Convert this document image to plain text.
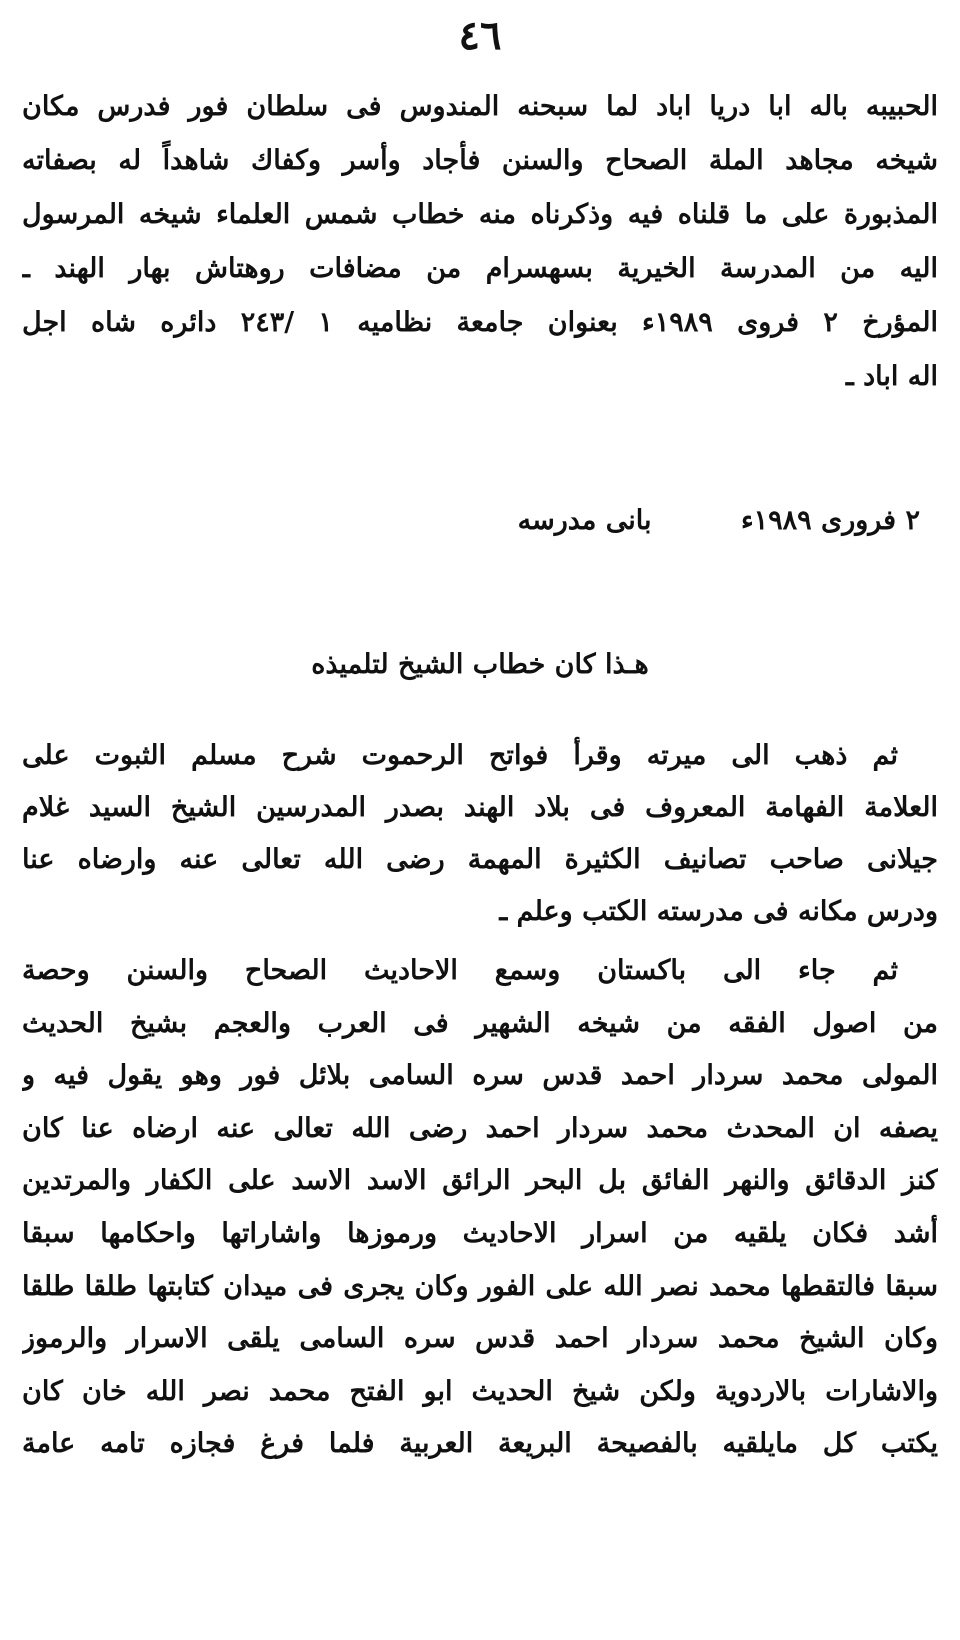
٤٦
الحبيبه باله ابا دريا اباد لما سبحنه المندوس فى سلطان فور فدرس مكان
شيخه مجاهد الملة الصحاح والسنن فأجاد وأسر وكفاك شاهداً له بصفاته
المذبورة على ما قلناه فيه وذكرناه منه خطاب شمس العلماء شيخه المرسول
اليه من المدرسة الخيرية بسهسرام من مضافات روهتاش بهار الهند ـ
المؤرخ ٢ فروى ١٩٨٩ء بعنوان جامعة نظاميه ١ /٢٤٣ دائره شاه اجل
اله اباد ـ
٢ فروری ١٩٨٩ء بانی مدرسه
هـذا كان خطاب الشيخ لتلميذه
ثم ذهب الى ميرته وقرأ فواتح الرحموت شرح مسلم الثبوت على
العلامة الفهامة المعروف فى بلاد الهند بصدر المدرسين الشيخ السيد غلام
جيلانى صاحب تصانيف الكثيرة المهمة رضى الله تعالى عنه وارضاه عنا
ودرس مكانه فى مدرسته الكتب وعلم ـ
ثم جاء الى باكستان وسمع الاحاديث الصحاح والسنن وحصة
من اصول الفقه من شيخه الشهير فى العرب والعجم بشيخ الحديث
المولى محمد سردار احمد قدس سره السامى بلائل فور وهو يقول فيه و
يصفه ان المحدث محمد سردار احمد رضى الله تعالى عنه ارضاه عنا كان
كنز الدقائق والنهر الفائق بل البحر الرائق الاسد الاسد على الكفار والمرتدين
أشد فكان يلقيه من اسرار الاحاديث ورموزها واشاراتها واحكامها سبقا
سبقا فالتقطها محمد نصر الله على الفور وكان يجرى فى ميدان كتابتها طلقا طلقا
وكان الشيخ محمد سردار احمد قدس سره السامى يلقى الاسرار والرموز
والاشارات بالاردوية ولكن شيخ الحديث ابو الفتح محمد نصر الله خان كان
يكتب كل مايلقيه بالفصيحة البريعة العربية فلما فرغ فجازه تامه عامة
